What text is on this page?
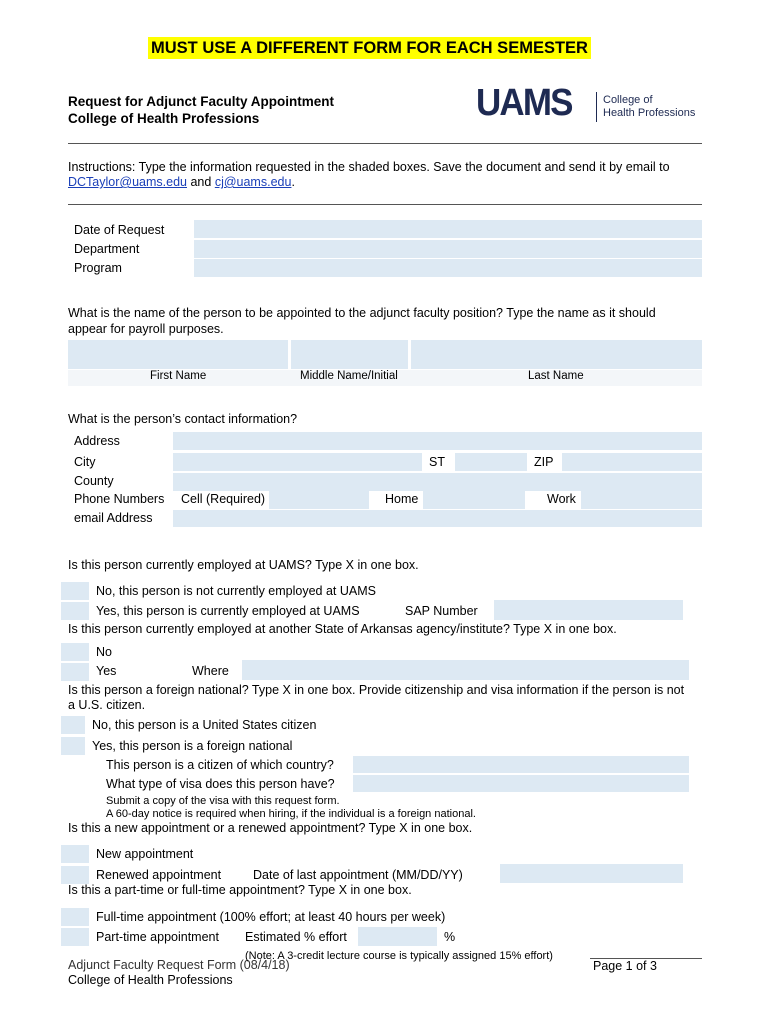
MUST USE A DIFFERENT FORM FOR EACH SEMESTER
Request for Adjunct Faculty Appointment
College of Health Professions	UAMS	College of
Health Professions
Instructions: Type the information requested in the shaded boxes. Save the document and send it by email to
DCTaylor@uams.edu and cj@uams.edu.
Date of Request
Department
Program
What is the name of the person to be appointed to the adjunct faculty position? Type the name as it should
appear for payroll purposes.
First Name	Middle Name/Initial	Last Name
What is the person’s contact information?
Address
City	ST	ZIP
County
Phone Numbers Cell (Required)	Home	Work
email Address
Is this person currently employed at UAMS? Type X in one box.
No, this person is not currently employed at UAMS
Yes, this person is currently employed at UAMS	SAP Number
Is this person currently employed at another State of Arkansas agency/institute? Type X in one box.
No
Yes	Where
Is this person a foreign national? Type X in one box. Provide citizenship and visa information if the person is not
a U.S. citizen.
No, this person is a United States citizen
Yes, this person is a foreign national
This person is a citizen of which country?
What type of visa does this person have?
Submit a copy of the visa with this request form.
A 60-day notice is required when hiring, if the individual is a foreign national.
Is this a new appointment or a renewed appointment? Type X in one box.
New appointment
Renewed appointment	Date of last appointment (MM/DD/YY)
Is this a part-time or full-time appointment? Type X in one box.
Full-time appointment (100% effort; at least 40 hours per week)
Part-time appointment Estimated % effort	%
Adjunct Faculty Request Form (08/4/18)
(Note: A 3-credit lecture course is typically assigned 15% effort)
Page 1 of 3
College of Health Professions
